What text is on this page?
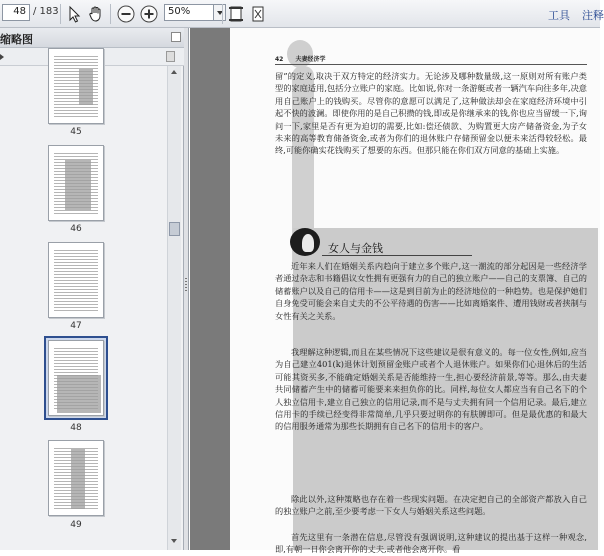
48 / 183	50%	工具 注释
缩略图
45
46
47
48
49
42 夫妻经济学
留”的定义,取决于双方特定的经济实力。无论涉及哪种数量级,这一原则对所有账户类型的家庭适用,包括分立账户的家庭。比如说,你对一条游艇或者一辆汽车向往多年,决意用自己账户上的钱购买。尽管你的意愿可以满足了,这种做法却会在家庭经济环境中引起不快的波澜。即使你用的是自己积攒的钱,即或是你继承来的钱,你也应当留缓一下,询问一下,家里是否有更为迫切的需要,比如:偿还债款、为购置更大房产储备资金,为子女未来的高等教育储备资金,或者为你们的退休账户存储预留金以便未来活得较轻松。最终,可能你确实花钱购买了想要的东西。但那只能在你们双方同意的基础上实施。
女人与金钱
近年来人们在婚姻关系内趋向于建立多个账户,这一潮流的部分起因是一些经济学者通过杂志和书籍倡议女性拥有更强有力的自己的独立账户——自己的支票簿、自己的储蓄账户以及自己的信用卡——这是到目前为止的经济地位的一种趋势。也是保护她们自身免受可能会来自丈夫的不公平待遇的伤害——比如离婚案件、遭用钱财或者挟制与女性有关之关系。
我理解这种逻辑,而且在某些情况下这些建议是很有意义的。每一位女性,例如,应当为自己建立401(k)退休计划预留金账户或者个人退休账户。如果你们心退休后的生活可能其资买多,不能确定婚姻关系是否能维持一生,担心要经济前景,等等。那么,由夫妻共同储蓄产生中的储蓄可能要来来担负你的比。同样,每位女人都应当有自己名下的个人独立信用卡,建立自己独立的信用记录,而不是与丈夫拥有同一个信用记录。最后,建立信用卡的手续已经变得非常简单,几乎只要过明你的有肤膊即可。但是最优惠的和最大的信用服务通常为那些长期拥有自己名下的信用卡的客户。
除此以外,这种策略也存在着一些现实问题。在决定把自己的全部资产都放入自己的独立账户之前,至少要考虑一下女人与婚姻关系这些问题。
首先这里有一条潜在信息,尽管没有强调说明,这种建议的提出基于这样一种观念,即,有朝一日你会离开你的丈夫,或者他会离开你。看
